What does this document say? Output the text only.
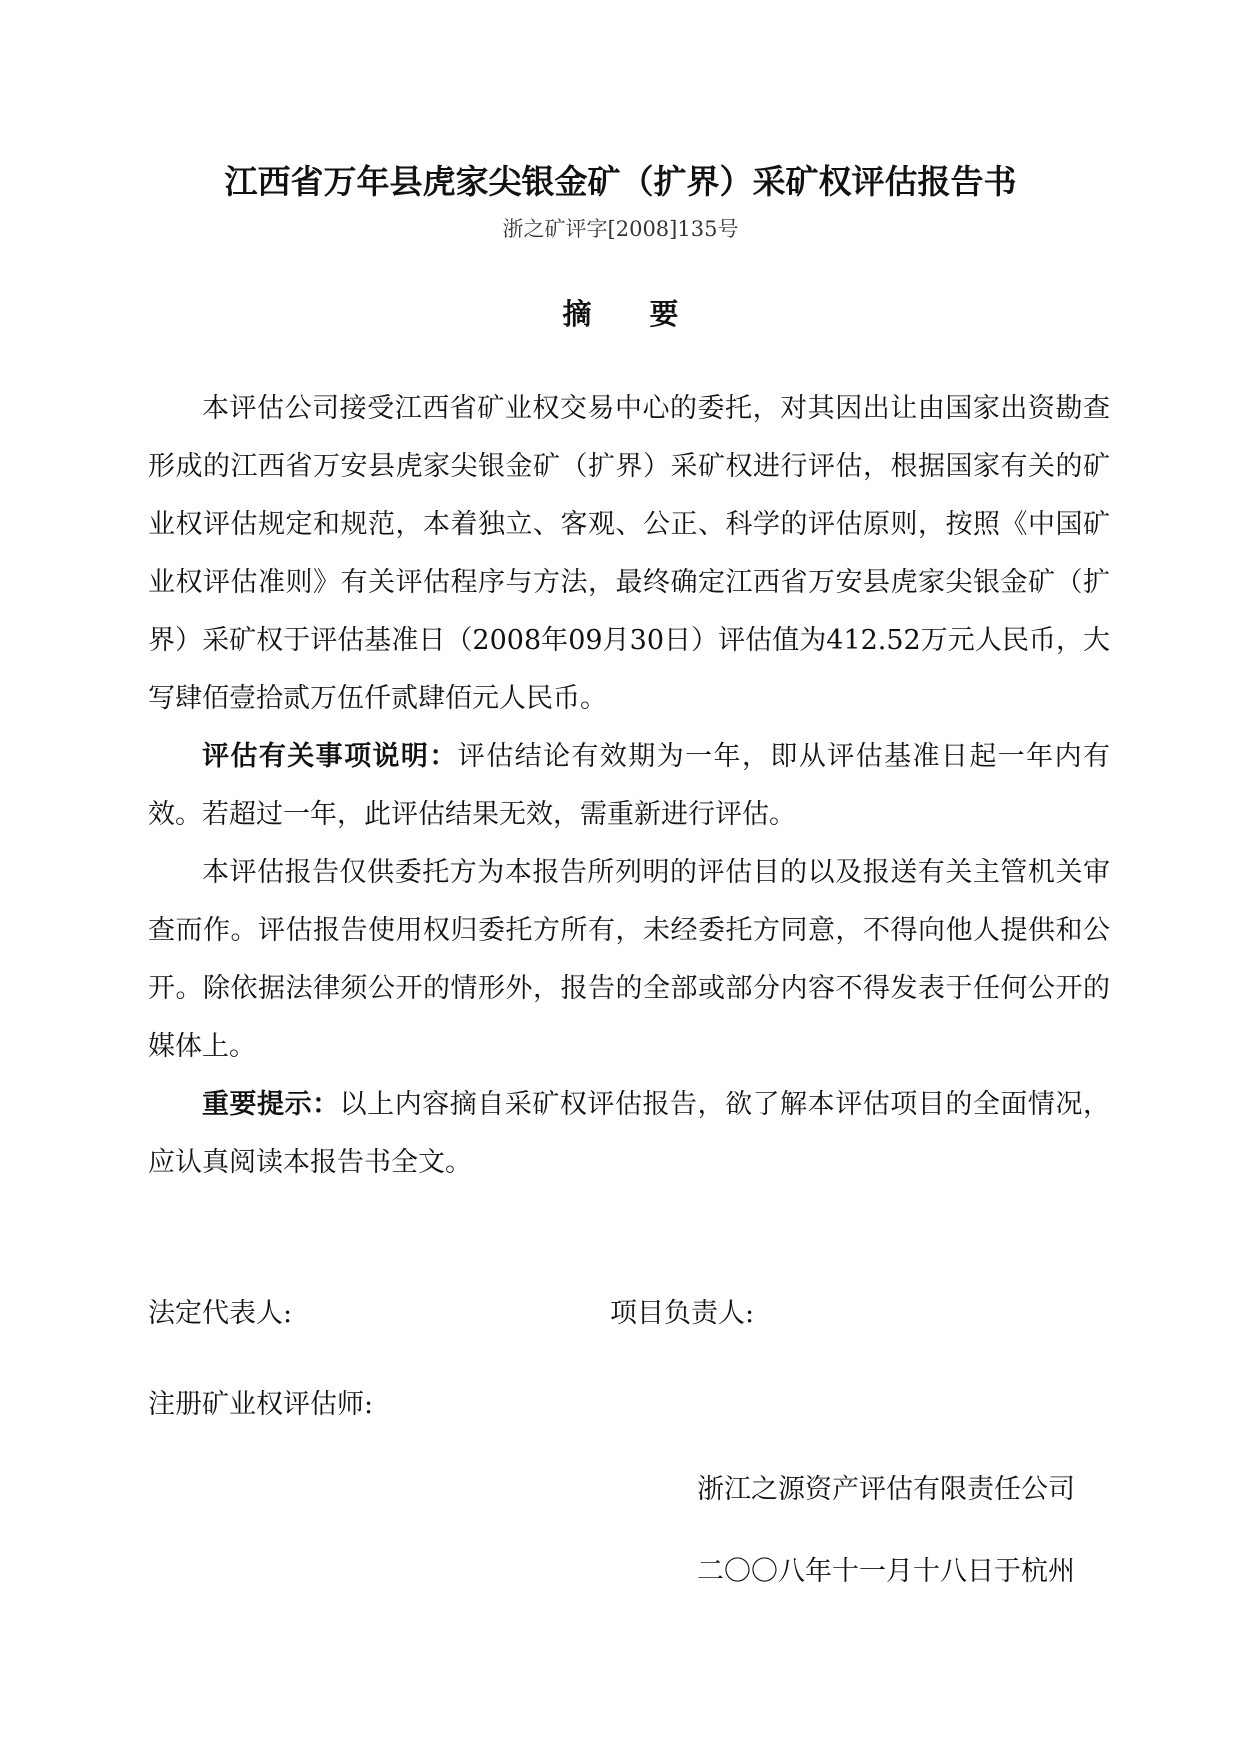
江西省万年县虎家尖银金矿（扩界）采矿权评估报告书
浙之矿评字[2008]135号
摘　　要

本评估公司接受江西省矿业权交易中心的委托，对其因出让由国家出资勘查形成的江西省万安县虎家尖银金矿（扩界）采矿权进行评估，根据国家有关的矿业权评估规定和规范，本着独立、客观、公正、科学的评估原则，按照《中国矿业权评估准则》有关评估程序与方法，最终确定江西省万安县虎家尖银金矿（扩界）采矿权于评估基准日（2008年09月30日）评估值为412.52万元人民币，大写肆佰壹拾贰万伍仟贰肆佰元人民币。

评估有关事项说明：评估结论有效期为一年，即从评估基准日起一年内有效。若超过一年，此评估结果无效，需重新进行评估。

本评估报告仅供委托方为本报告所列明的评估目的以及报送有关主管机关审查而作。评估报告使用权归委托方所有，未经委托方同意，不得向他人提供和公开。除依据法律须公开的情形外，报告的全部或部分内容不得发表于任何公开的媒体上。

重要提示：以上内容摘自采矿权评估报告，欲了解本评估项目的全面情况，应认真阅读本报告书全文。

法定代表人:	项目负责人:
注册矿业权评估师:
浙江之源资产评估有限责任公司
二〇〇八年十一月十八日于杭州
